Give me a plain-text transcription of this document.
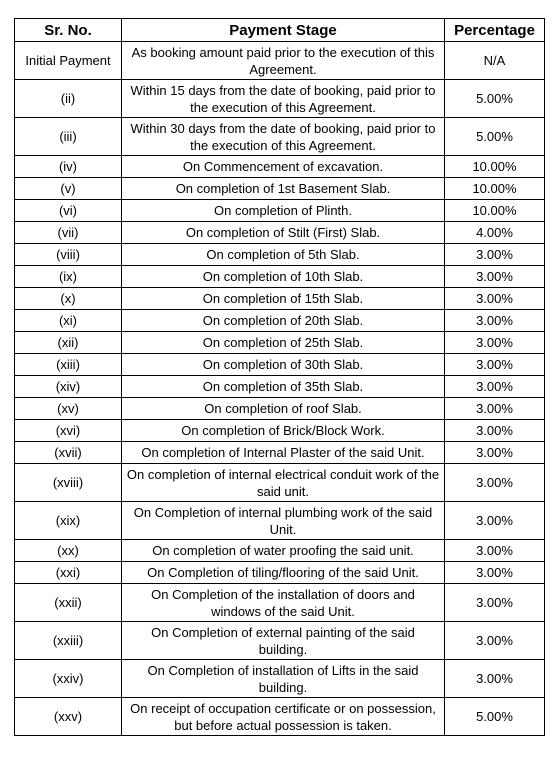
Sr. No.	Payment Stage	Percentage
Initial Payment	As booking amount paid prior to the execution of this Agreement.	N/A
(ii)	Within 15 days from the date of booking, paid prior to the execution of this Agreement.	5.00%
(iii)	Within 30 days from the date of booking, paid prior to the execution of this Agreement.	5.00%
(iv)	On Commencement of excavation.	10.00%
(v)	On completion of 1st Basement Slab.	10.00%
(vi)	On completion of Plinth.	10.00%
(vii)	On completion of Stilt (First) Slab.	4.00%
(viii)	On completion of 5th Slab.	3.00%
(ix)	On completion of 10th Slab.	3.00%
(x)	On completion of 15th Slab.	3.00%
(xi)	On completion of 20th Slab.	3.00%
(xii)	On completion of 25th Slab.	3.00%
(xiii)	On completion of 30th Slab.	3.00%
(xiv)	On completion of 35th Slab.	3.00%
(xv)	On completion of roof Slab.	3.00%
(xvi)	On completion of Brick/Block Work.	3.00%
(xvii)	On completion of Internal Plaster of the said Unit.	3.00%
(xviii)	On completion of internal electrical conduit work of the said unit.	3.00%
(xix)	On Completion of internal plumbing work of the said Unit.	3.00%
(xx)	On completion of water proofing the said unit.	3.00%
(xxi)	On Completion of tiling/flooring of the said Unit.	3.00%
(xxii)	On Completion of the installation of doors and windows of the said Unit.	3.00%
(xxiii)	On Completion of external painting of the said building.	3.00%
(xxiv)	On Completion of installation of Lifts in the said building.	3.00%
(xxv)	On receipt of occupation certificate or on possession, but before actual possession is taken.	5.00%
